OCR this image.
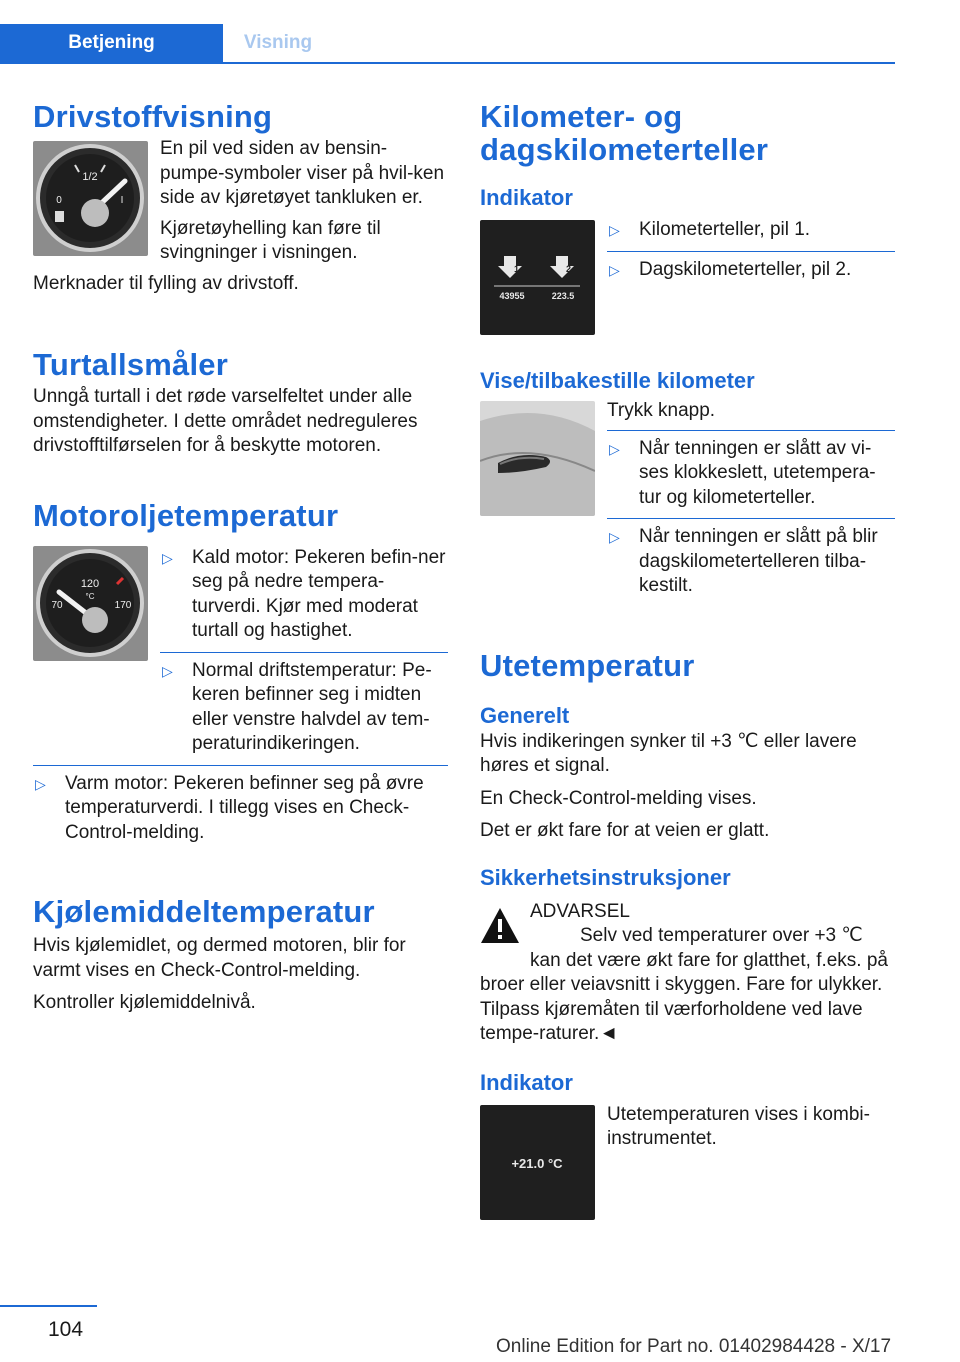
Betjening	Visning
Drivstoffvisning
1/2
0	I

En pil ved siden av bensin‐pumpe‐symboler viser på hvil‐ken side av kjøretøyet tankluken er.

Kjøretøyhelling kan føre til svingninger i visningen.

Merknader til fylling av drivstoff.

Turtallsmåler

Unngå turtall i det røde varselfeltet under alle omstendigheter. I dette området nedreguleres drivstofftilførselen for å beskytte motoren.

Motoroljetemperatur
120
°C
70	170
▷ Kald motor: Pekeren befin‐ner seg på nedre tempera‐turverdi. Kjør med moderat turtall og hastighet.
▷ Normal driftstemperatur: Pe‐keren befinner seg i midten eller venstre halvdel av tem‐peraturindikeringen.
▷ Varm motor: Pekeren befinner seg på øvre temperaturverdi. I tillegg vises en Check-Control-melding.
Kjølemiddeltemperatur

Hvis kjølemidlet, og dermed motoren, blir for varmt vises en Check-Control-melding.

Kontroller kjølemiddelnivå.

Kilometer- og dagskilometerteller
Indikator
1	2
43955	223.5
▷ Kilometerteller, pil 1.
▷ Dagskilometerteller, pil 2.
Vise/tilbakestille kilometer

Trykk knapp.

▷ Når tenningen er slått av vi‐ses klokkeslett, utetempera‐tur og kilometerteller.
▷ Når tenningen er slått på blir dagskilometertelleren tilba‐kestilt.
Utetemperatur
Generelt

Hvis indikeringen synker til +3 ℃ eller lavere høres et signal.

En Check-Control-melding vises.

Det er økt fare for at veien er glatt.

Sikkerhetsinstruksjoner

ADVARSEL

Selv ved temperaturer over +3 ℃ kan det være økt fare for glatthet, f.eks. på broer eller veiavsnitt i skyggen. Fare for ulykker. Tilpass kjøremåten til værforholdene ved lave tempe‐raturer.◄

Indikator
+21.0 °C

Utetemperaturen vises i kombi‐instrumentet.

104
Online Edition for Part no. 01402984428 - X/17
